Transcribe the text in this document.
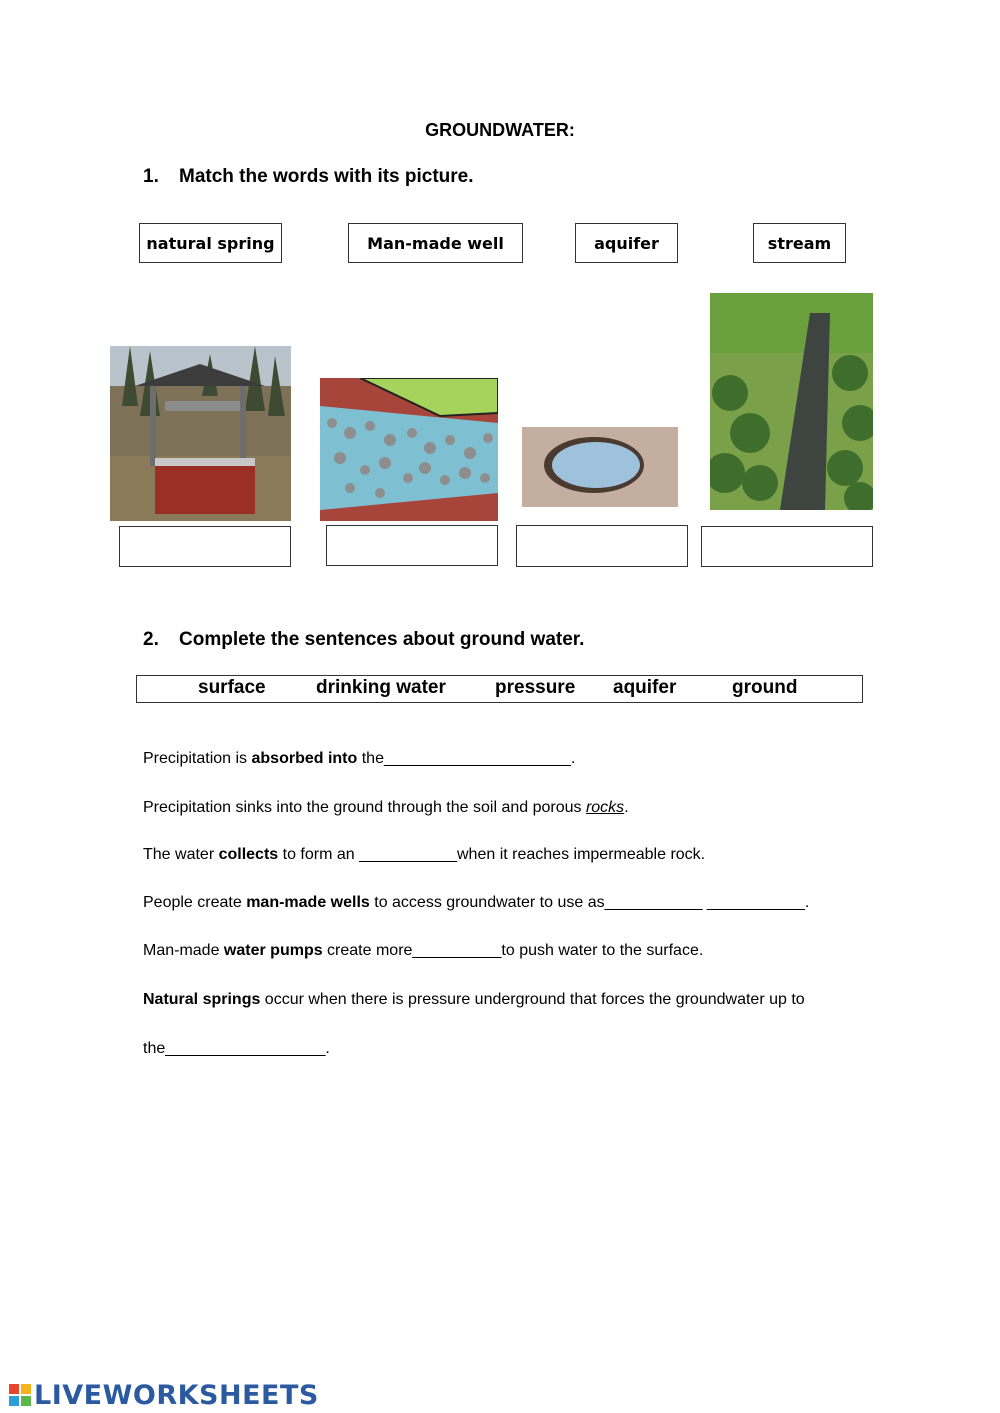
GROUNDWATER:
1. Match the words with its picture.
natural spring	Man-made well	aquifer	stream
2. Complete the sentences about ground water.
surface	drinking water	pressure aquifer	ground
Precipitation is absorbed into the_____________________.
Precipitation sinks into the ground through the soil and porous rocks.
The water collects to form an ___________when it reaches impermeable rock.
People create man-made wells to access groundwater to use as___________ ___________.
Man-made water pumps create more__________to push water to the surface.
Natural springs occur when there is pressure underground that forces the groundwater up to
the__________________.
LIVEWORKSHEETS
